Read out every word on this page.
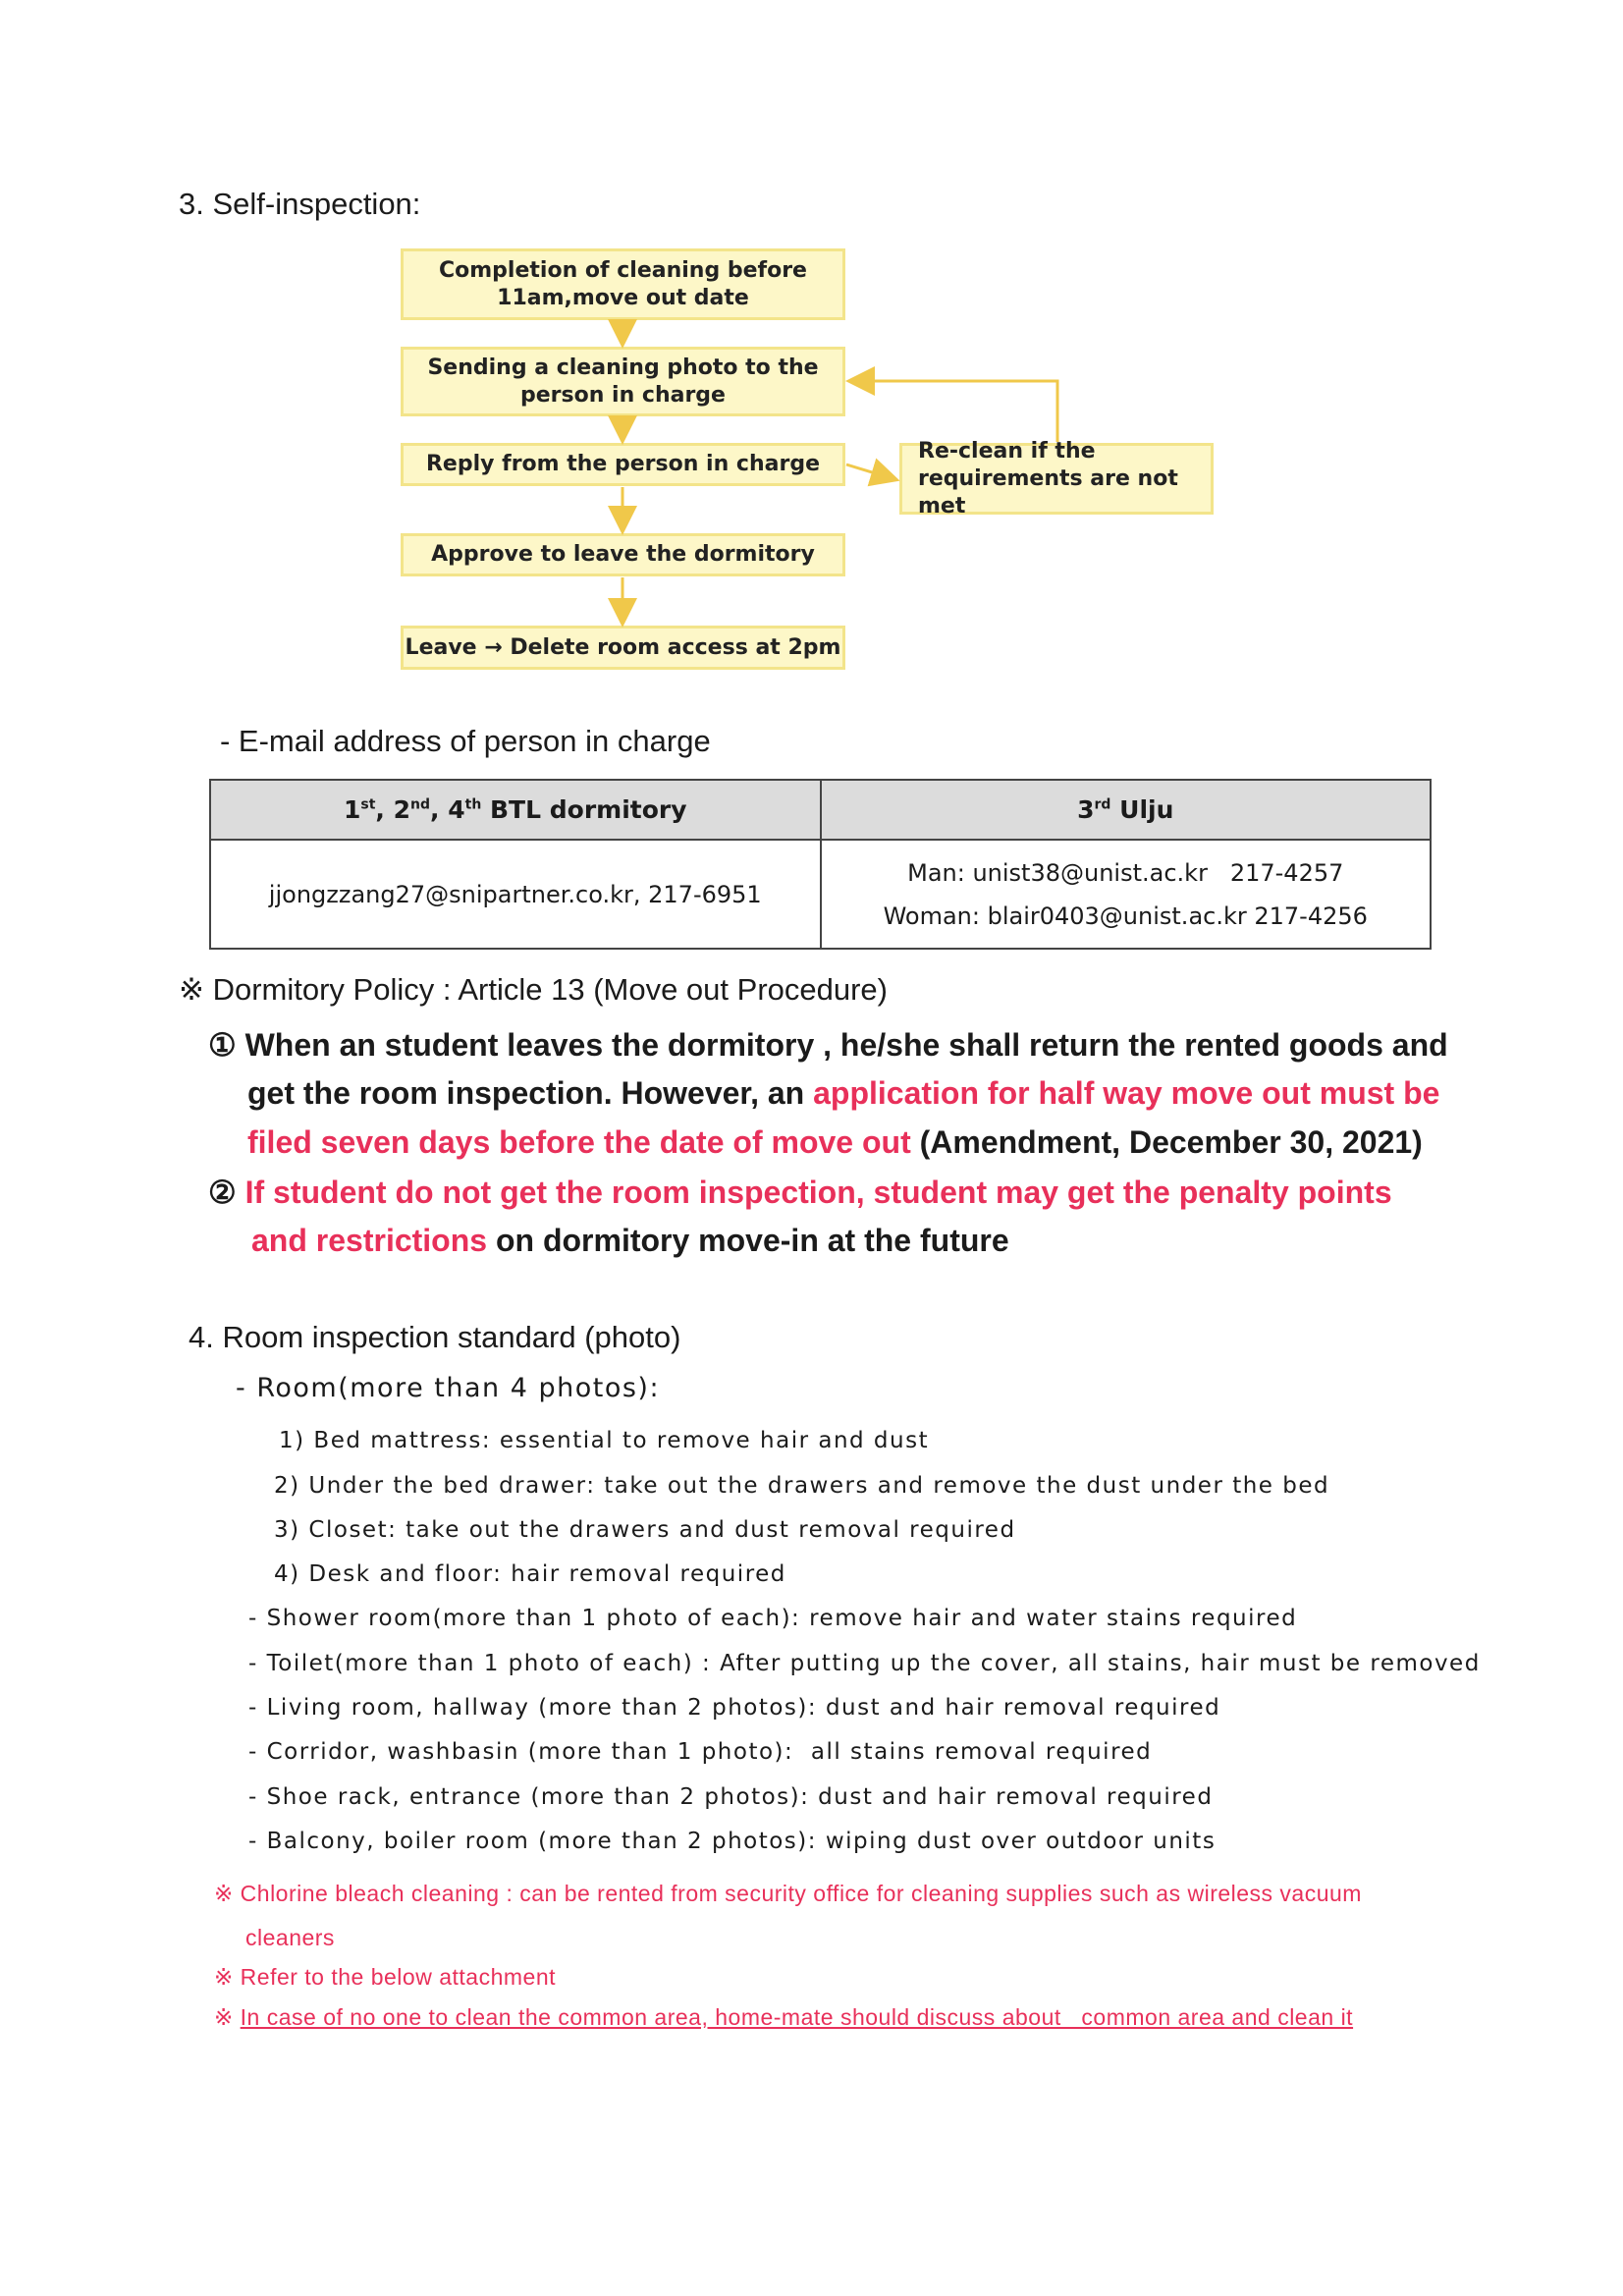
3. Self-inspection:
Completion of cleaning before 11am,move out date
Sending a cleaning photo to the person in charge
Reply from the person in charge
Approve to leave the dormitory
Leave → Delete room access at 2pm
Re-clean if the requirements are not met
- E-mail address of person in charge
1st, 2nd, 4th BTL dormitory	3rd Ulju
jjongzzang27@snipartner.co.kr, 217-6951	Man: unist38@unist.ac.kr   217-4257
Woman: blair0403@unist.ac.kr 217-4256
※ Dormitory Policy : Article 13 (Move out Procedure)
① When an student leaves the dormitory , he/she shall return the rented goods and
get the room inspection. However, an application for half way move out must be
filed seven days before the date of move out (Amendment, December 30, 2021)
② If student do not get the room inspection, student may get the penalty points
and restrictions on dormitory move-in at the future
4. Room inspection standard (photo)
- Room(more than 4 photos):
1) Bed mattress: essential to remove hair and dust
2) Under the bed drawer: take out the drawers and remove the dust under the bed
3) Closet: take out the drawers and dust removal required
4) Desk and floor: hair removal required
- Shower room(more than 1 photo of each): remove hair and water stains required
- Toilet(more than 1 photo of each) : After putting up the cover, all stains, hair must be removed
- Living room, hallway (more than 2 photos): dust and hair removal required
- Corridor, washbasin (more than 1 photo):  all stains removal required
- Shoe rack, entrance (more than 2 photos): dust and hair removal required
- Balcony, boiler room (more than 2 photos): wiping dust over outdoor units
※ Chlorine bleach cleaning : can be rented from security office for cleaning supplies such as wireless vacuum
cleaners
※ Refer to the below attachment
※ In case of no one to clean the common area, home-mate should discuss about   common area and clean it
